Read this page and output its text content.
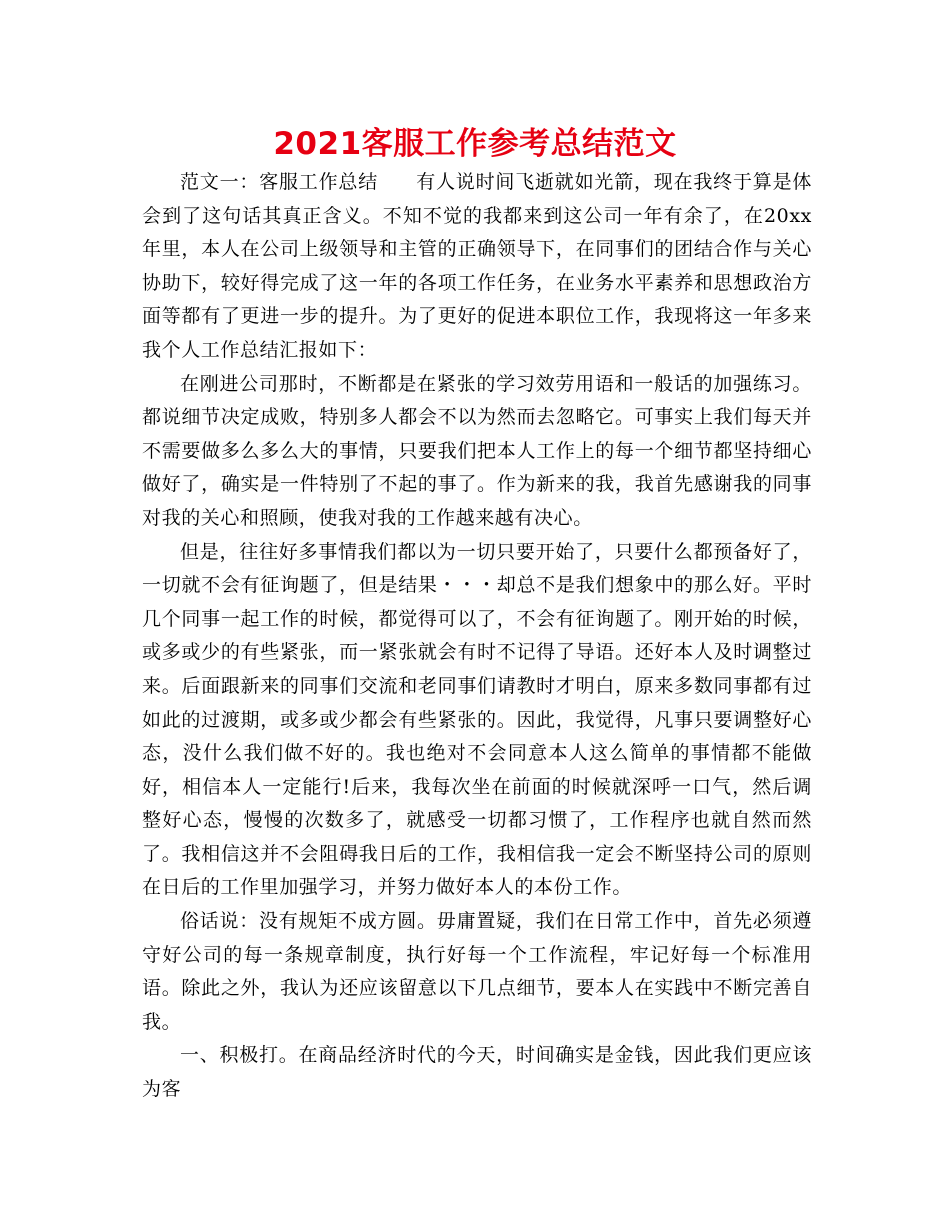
2021客服工作参考总结范文

范文一：客服工作总结 有人说时间飞逝就如光箭，现在我终于算是体会到了这句话其真正含义。不知不觉的我都来到这公司一年有余了，在20xx年里，本人在公司上级领导和主管的正确领导下，在同事们的团结合作与关心协助下，较好得完成了这一年的各项工作任务，在业务水平素养和思想政治方面等都有了更进一步的提升。为了更好的促进本职位工作，我现将这一年多来我个人工作总结汇报如下：

在刚进公司那时，不断都是在紧张的学习效劳用语和一般话的加强练习。都说细节决定成败，特别多人都会不以为然而去忽略它。可事实上我们每天并不需要做多么多么大的事情，只要我们把本人工作上的每一个细节都坚持细心做好了，确实是一件特别了不起的事了。作为新来的我，我首先感谢我的同事对我的关心和照顾，使我对我的工作越来越有决心。

但是，往往好多事情我们都以为一切只要开始了，只要什么都预备好了，一切就不会有征询题了，但是结果・・・却总不是我们想象中的那么好。平时几个同事一起工作的时候，都觉得可以了，不会有征询题了。刚开始的时候，或多或少的有些紧张，而一紧张就会有时不记得了导语。还好本人及时调整过来。后面跟新来的同事们交流和老同事们请教时才明白，原来多数同事都有过如此的过渡期，或多或少都会有些紧张的。因此，我觉得，凡事只要调整好心态，没什么我们做不好的。我也绝对不会同意本人这么简单的事情都不能做好，相信本人一定能行!后来，我每次坐在前面的时候就深呼一口气，然后调整好心态，慢慢的次数多了，就感受一切都习惯了，工作程序也就自然而然了。我相信这并不会阻碍我日后的工作，我相信我一定会不断坚持公司的原则在日后的工作里加强学习，并努力做好本人的本份工作。

俗话说：没有规矩不成方圆。毋庸置疑，我们在日常工作中，首先必须遵守好公司的每一条规章制度，执行好每一个工作流程，牢记好每一个标准用语。除此之外，我认为还应该留意以下几点细节，要本人在实践中不断完善自我。

一、积极打。在商品经济时代的今天，时间确实是金钱，因此我们更应该为客
